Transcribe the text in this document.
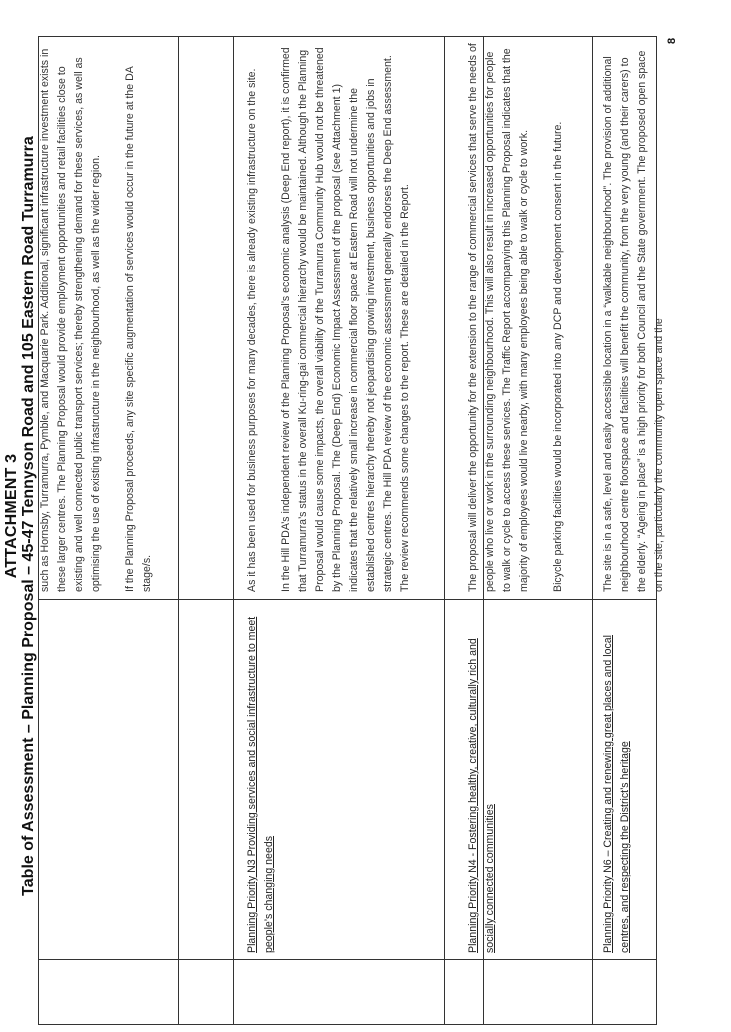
ATTACHMENT 3 Table of Assessment – Planning Proposal – 45-47 Tennyson Road and 105 Eastern Road Turramurra such as Hornsby, Turramurra, Pymble, and Macquarie Park. Additional, significant infrastructure investment exists in these larger centres. The Planning Proposal would provide employment opportunities and retail facilities close to existing and well connected public transport services; thereby strengthening demand for these services, as well as optimising the use of existing infrastructure in the neighbourhood, as well as the wider region. If the Planning Proposal proceeds, any site specific augmentation of services would occur in the future at the DA stage/s.

Planning Priority N3 Providing services and social infrastructure to meet people’s changing needs

As it has been used for business purposes for many decades, there is already existing infrastructure on the site. In the Hill PDA’s independent review of the Planning Proposal’s economic analysis (Deep End report), it is confirmed that Turramurra’s status in the overall Ku-ring-gai commercial hierarchy would be maintained. Although the Planning Proposal would cause some impacts, the overall viability of the Turramurra Community Hub would not be threatened by the Planning Proposal. The (Deep End) Economic Impact Assessment of the proposal (see Attachment 1) indicates that the relatively small increase in commercial floor space at Eastern Road will not undermine the established centres hierarchy thereby not jeopardising growing investment, business opportunities and jobs in strategic centres. The Hill PDA review of the economic assessment generally endorses the Deep End assessment. The review recommends some changes to the report. These are detailed in the Report.

Planning Priority N4 - Fostering healthy, creative, culturally rich and socially connected communities

The proposal will deliver the opportunity for the extension to the range of commercial services that serve the needs of people who live or work in the surrounding neighbourhood. This will also result in increased opportunities for people to walk or cycle to access these services. The Traffic Report accompanying this Planning Proposal indicates that the majority of employees would live nearby, with many employees being able to walk or cycle to work. Bicycle parking facilities would be incorporated into any DCP and development consent in the future.

Planning Priority N6 – Creating and renewing great places and local centres, and respecting the District’s heritage

The site is in a safe, level and easily accessible location in a “walkable neighbourhood”. The provision of additional neighbourhood centre floorspace and facilities will benefit the community, from the very young (and their carers) to the elderly. “Ageing in place” is a high priority for both Council and the State government. The proposed open space on the site, particularly the community open space and the

8
